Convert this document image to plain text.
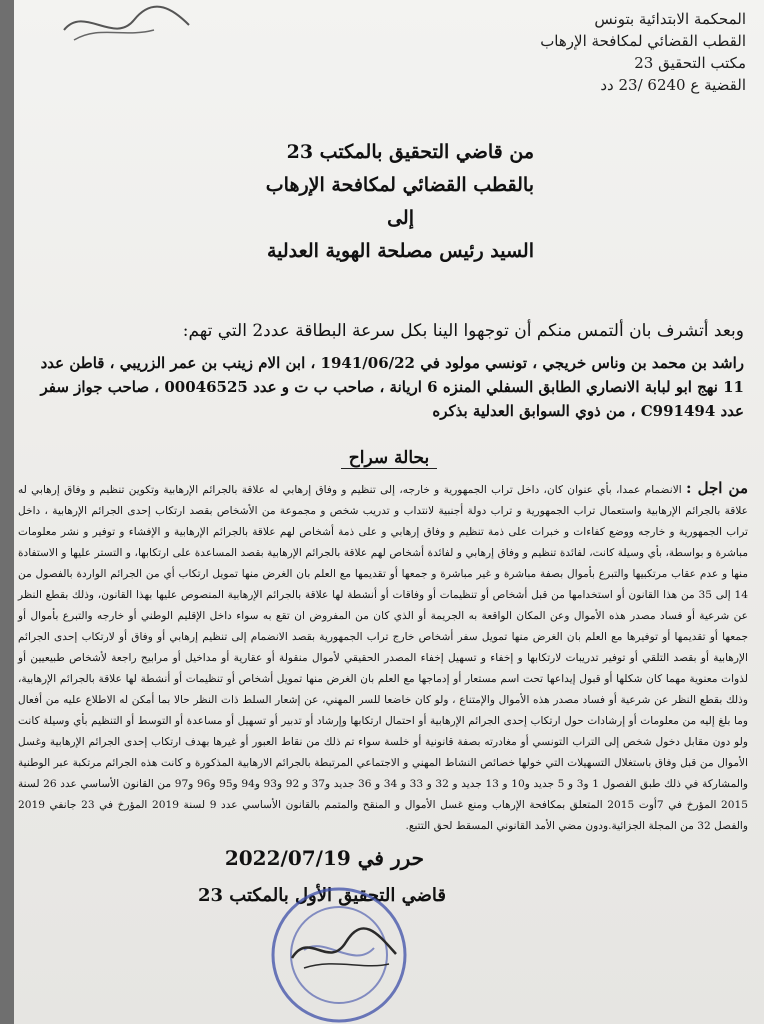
المحكمة الابتدائية بتونس
القطب القضائي لمكافحة الإرهاب
مكتب التحقيق 23
القضية ع 6240 /23 دد
من قاضي التحقيق بالمكتب 23
بالقطب القضائي لمكافحة الإرهاب
إلى
السيد رئيس مصلحة الهوية العدلية
وبعد أتشرف بان ألتمس منكم أن توجهوا الينا بكل سرعة البطاقة عدد2 التي تهم:
راشد بن محمد بن وناس خريجي ، تونسي مولود في 1941/06/22 ، ابن الام زينب بن عمر الزريبي ، قاطن عدد 11 نهج ابو لبابة الانصاري الطابق السفلي المنزه 6 اريانة ، صاحب ب ت و عدد 00046525 ، صاحب جواز سفر عدد C991494 ، من ذوي السوابق العدلية بذكره
بحالة سراح
من اجل : الانضمام عمدا، بأي عنوان كان، داخل تراب الجمهورية و خارجه، إلى تنظيم و وفاق إرهابي له علاقة بالجرائم الإرهابية وتكوين تنظيم و وفاق إرهابي له علاقة بالجرائم الإرهابية واستعمال تراب الجمهورية و تراب دولة أجنبية لانتداب و تدريب شخص و مجموعة من الأشخاص بقصد ارتكاب إحدى الجرائم الإرهابية ، داخل تراب الجمهورية و خارجه ووضع كفاءات و خبرات على ذمة تنظيم و وفاق إرهابي و على ذمة أشخاص لهم علاقة بالجرائم الإرهابية و الإفشاء و توفير و نشر معلومات مباشرة و بواسطة، بأي وسيلة كانت، لفائدة تنظيم و وفاق إرهابي و لفائدة أشخاص لهم علاقة بالجرائم الإرهابية بقصد المساعدة على ارتكابها، و التستر عليها و الاستفادة منها و عدم عقاب مرتكبيها والتبرع بأموال بصفة مباشرة و غير مباشرة و جمعها أو تقديمها مع العلم بان الغرض منها تمويل ارتكاب أي من الجرائم الواردة بالفصول من 14 إلى 35 من هذا القانون أو استخدامها من قبل أشخاص أو تنظيمات أو وفاقات أو أنشطة لها علاقة بالجرائم الإرهابية المنصوص عليها بهذا القانون، وذلك بقطع النظر عن شرعية أو فساد مصدر هذه الأموال وعن المكان الواقعة به الجريمة أو الذي كان من المفروض ان تقع به سواء داخل الإقليم الوطني أو خارجه والتبرع بأموال أو جمعها أو تقديمها أو توفيرها مع العلم بان الغرض منها تمويل سفر أشخاص خارج تراب الجمهورية بقصد الانضمام إلى تنظيم إرهابي أو وفاق أو لارتكاب إحدى الجرائم الإرهابية أو بقصد التلقي أو توفير تدريبات لارتكابها و إخفاء و تسهيل إخفاء المصدر الحقيقي لأموال منقولة أو عقارية أو مداخيل أو مرابيح راجعة لأشخاص طبيعيين أو لذوات معنوية مهما كان شكلها أو قبول إيداعها تحت اسم مستعار أو إدماجها مع العلم بان الغرض منها تمويل أشخاص أو تنظيمات أو أنشطة لها علاقة بالجرائم الإرهابية، وذلك بقطع النظر عن شرعية أو فساد مصدر هذه الأموال والإمتناع ، ولو كان خاضعا للسر المهني، عن إشعار السلط ذات النظر حالا بما أمكن له الاطلاع عليه من أفعال وما بلغ إليه من معلومات أو إرشادات حول ارتكاب إحدى الجرائم الإرهابية أو احتمال ارتكابها وإرشاد أو تدبير أو تسهيل أو مساعدة أو التوسط أو التنظيم بأي وسيلة كانت ولو دون مقابل دخول شخص إلى التراب التونسي أو مغادرته بصفة قانونية أو خلسة سواء تم ذلك من نقاط العبور أو غيرها بهدف ارتكاب إحدى الجرائم الإرهابية وغسل الأموال من قبل وفاق باستغلال التسهيلات التي خولها خصائص النشاط المهني و الاجتماعي المرتبطة بالجرائم الارهابية المذكورة و كانت هذه الجرائم مرتكبة عبر الوطنية والمشاركة في ذلك طبق الفصول 1 و3 و 5 جديد و10 و 13 جديد و 32 و 33 و 34 و 36 جديد و37 و 92 و93 و94 و95 و96 و97 من القانون الأساسي عدد 26 لسنة 2015 المؤرخ في 7أوت 2015 المتعلق بمكافحة الإرهاب ومنع غسل الأموال و المنقح والمتمم بالقانون الأساسي عدد 9 لسنة 2019 المؤرخ في 23 جانفي 2019 والفصل 32 من المجلة الجزائية.ودون مضي الأمد القانوني المسقط لحق التتبع.
حرر في 2022/07/19
قاضي التحقيق الأول بالمكتب 23
